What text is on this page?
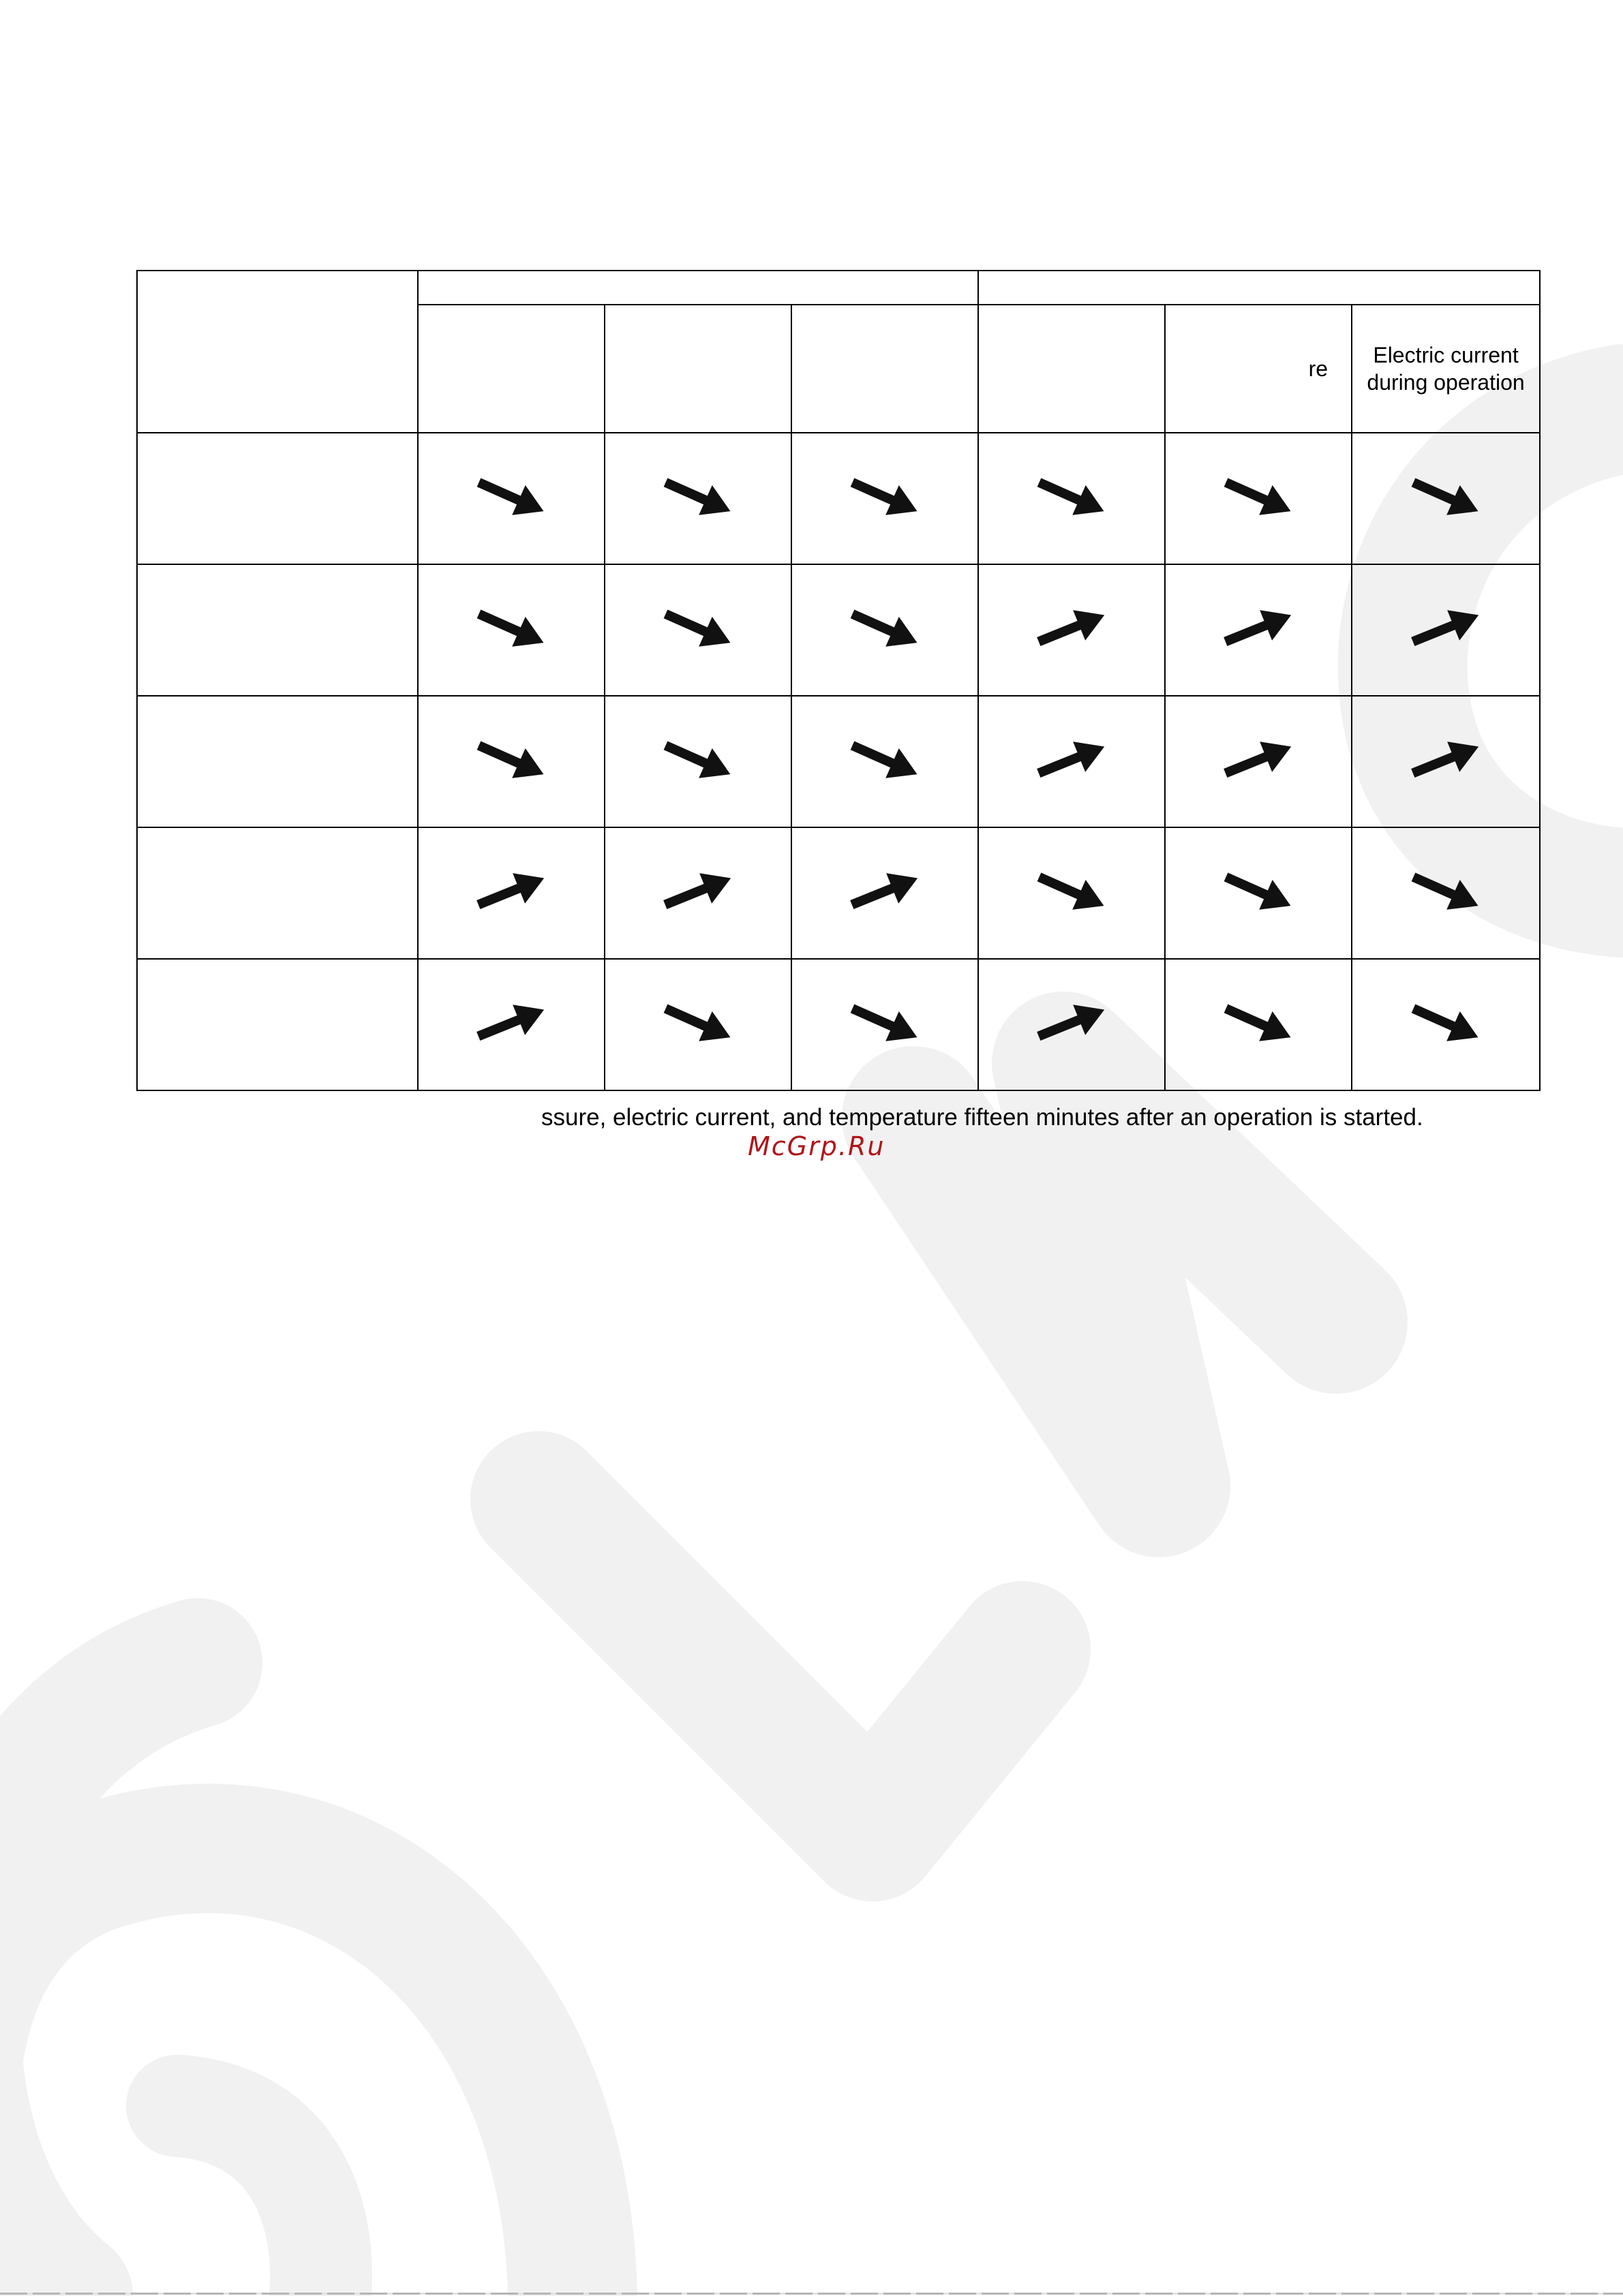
					re	Electric current
during operation

ssure, electric current, and temperature fifteen minutes after an operation is started.
McGrp.Ru
